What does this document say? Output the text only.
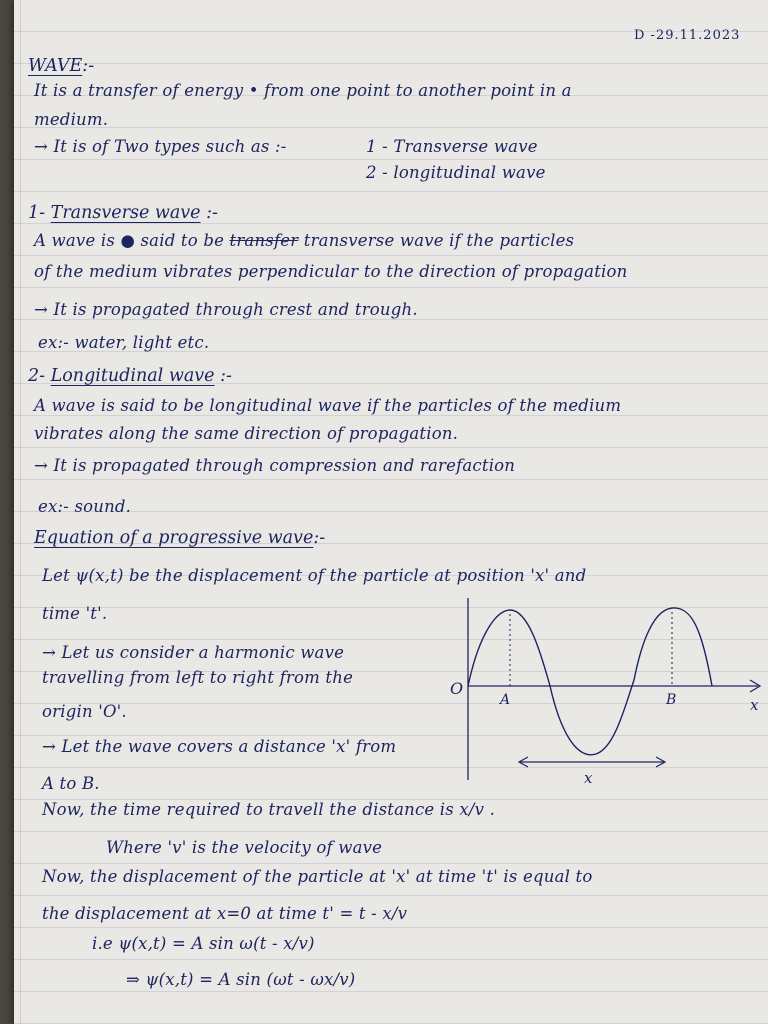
D -29.11.2023
WAVE:-
It is a transfer of energy • from one point to another point in a
medium.
→ It is of Two types such as :-	1 - Transverse wave
2 - longitudinal wave
1- Transverse wave :-
A wave is ● said to be transfer transverse wave if the particles
of the medium vibrates perpendicular to the direction of propagation
→ It is propagated through crest and trough.
ex:- water, light etc.
2- Longitudinal wave :-
A wave is said to be longitudinal wave if the particles of the medium
vibrates along the same direction of propagation.
→ It is propagated through compression and rarefaction
ex:- sound.
Equation of a progressive wave:-
Let ψ(x,t) be the displacement of the particle at position 'x' and
time 't'.
→ Let us consider a harmonic wave
travelling from left to right from the
origin 'O'.
→ Let the wave covers a distance 'x' from
A to B.
Now, the time required to travell the distance is x/v .
Where 'v' is the velocity of wave
Now, the displacement of the particle at 'x' at time 't' is equal to
the displacement at x=0 at time t' = t - x/v
i.e ψ(x,t) = A sin ω(t - x/v)
⇒ ψ(x,t) = A sin (ωt - ωx/v)
O
A	B	x
x
